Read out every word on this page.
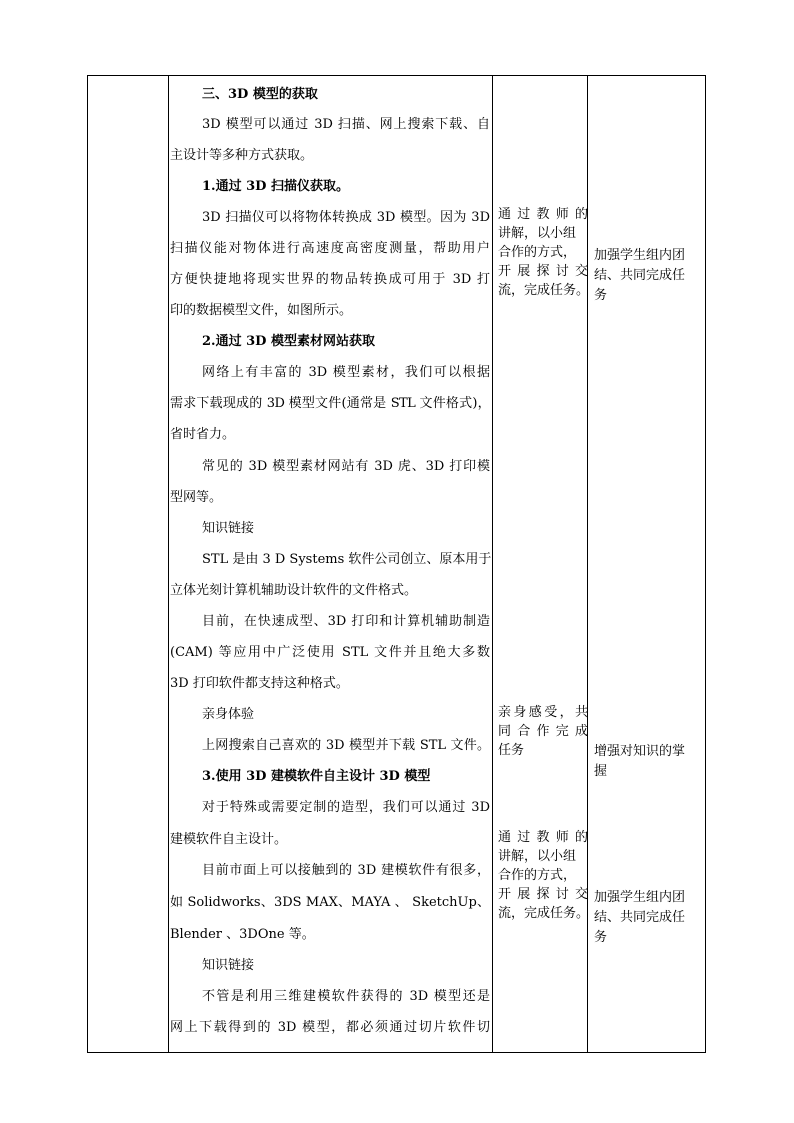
三、3D 模型的获取
3D 模型可以通过 3D 扫描、网上搜索下载、自
主设计等多种方式获取。
1.通过 3D 扫描仪获取。
3D 扫描仪可以将物体转换成 3D 模型。因为 3D
扫描仪能对物体进行高速度高密度测量，帮助用户
方便快捷地将现实世界的物品转换成可用于 3D 打
印的数据模型文件，如图所示。
2.通过 3D 模型素材网站获取
网络上有丰富的 3D 模型素材，我们可以根据
需求下载现成的 3D 模型文件(通常是 STL 文件格式)，
省时省力。
常见的 3D 模型素材网站有 3D 虎、3D 打印模
型网等。
知识链接
STL 是由 3 D Systems 软件公司创立、原本用于
立体光刻计算机辅助设计软件的文件格式。
目前，在快速成型、3D 打印和计算机辅助制造
(CAM) 等应用中广泛使用 STL 文件并且绝大多数
3D 打印软件都支持这种格式。
亲身体验
上网搜索自己喜欢的 3D 模型并下载 STL 文件。
3.使用 3D 建模软件自主设计 3D 模型
对于特殊或需要定制的造型，我们可以通过 3D
建模软件自主设计。
目前市面上可以接触到的 3D 建模软件有很多，
如 Solidworks、3DS MAX、MAYA 、 SketchUp、
Blender 、3DOne 等。
知识链接
不管是利用三维建模软件获得的 3D 模型还是
网上下载得到的 3D 模型，都必须通过切片软件切
通过教师的
讲解，以小组
合作的方式，
开展探讨交
流，完成任务。
加强学生组内团
结、共同完成任
务
亲身感受，共
同合作完成
任务	增强对知识的掌
握
通过教师的
讲解，以小组
合作的方式，
开展探讨交
流，完成任务。
加强学生组内团
结、共同完成任
务
